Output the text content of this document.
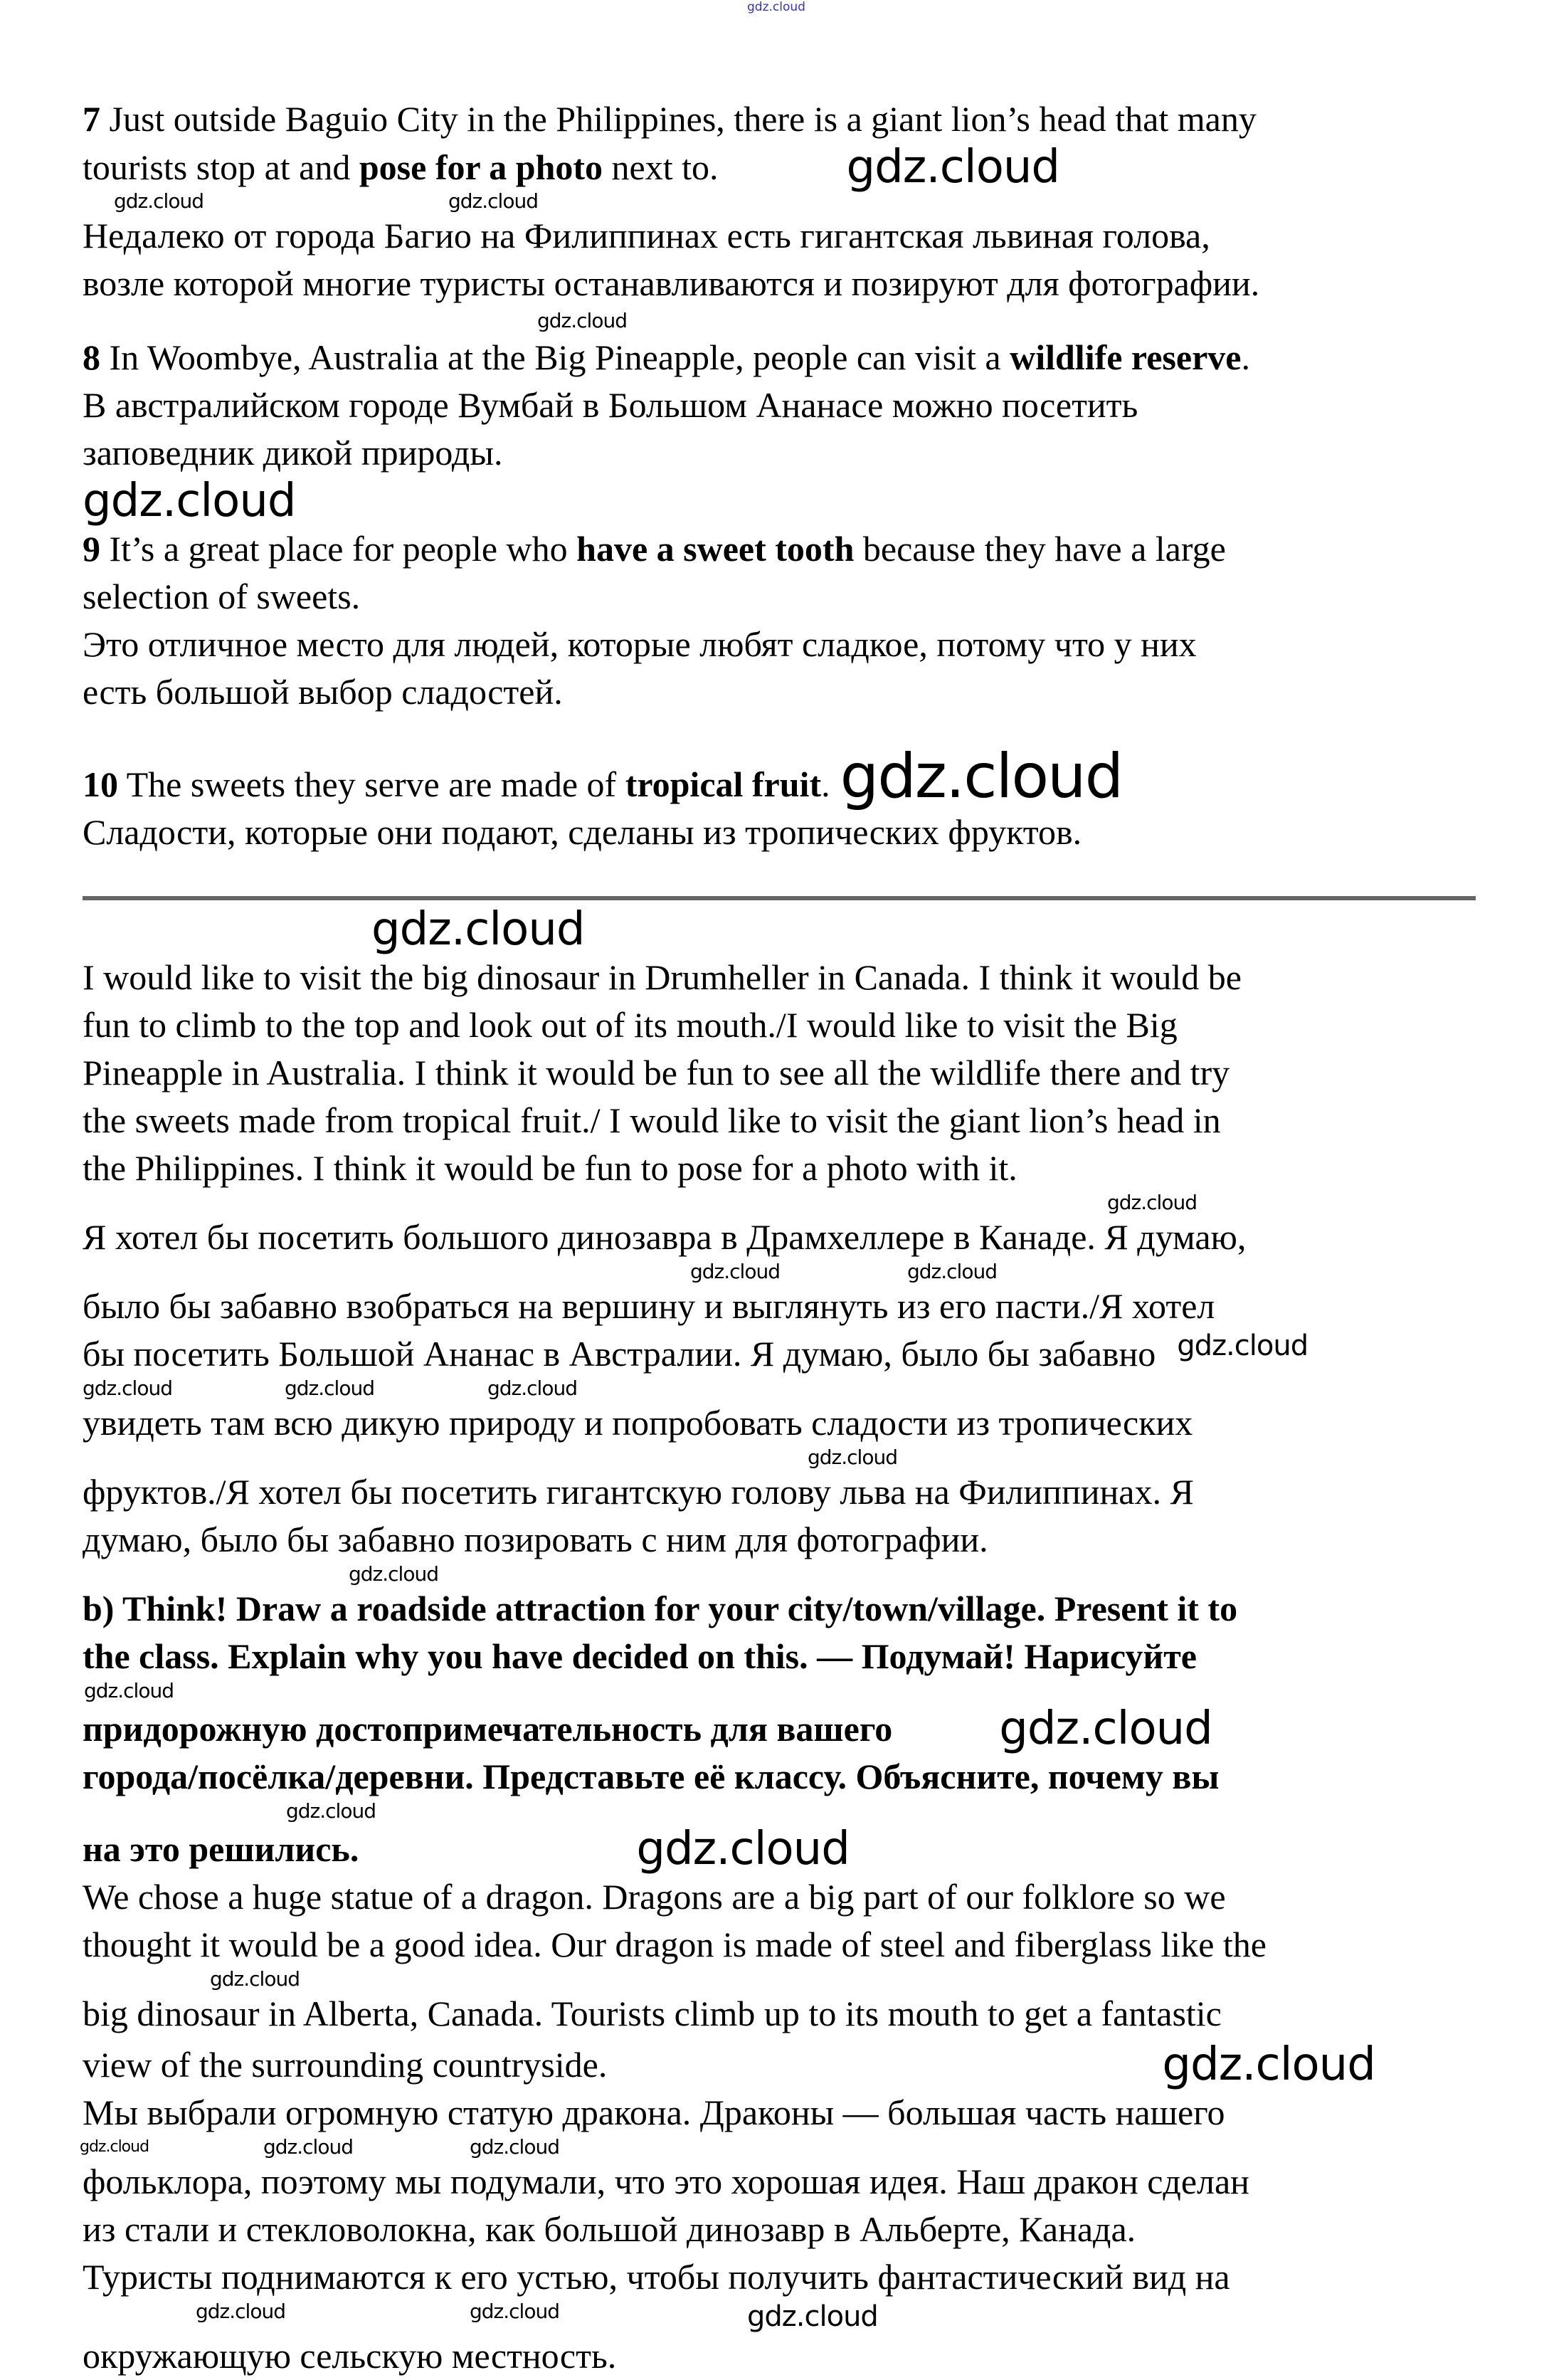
gdz.cloud
7 Just outside Baguio City in the Philippines, there is a giant lion’s head that many
tourists stop at and pose for a photo next to.	gdz.cloud
gdz.cloud	gdz.cloud
Недалеко от города Багио на Филиппинах есть гигантская львиная голова,
возле которой многие туристы останавливаются и позируют для фотографии.
gdz.cloud
8 In Woombye, Australia at the Big Pineapple, people can visit a wildlife reserve.
В австралийском городе Вумбай в Большом Ананасе можно посетить
заповедник дикой природы.
gdz.cloud
9 It’s a great place for people who have a sweet tooth because they have a large
selection of sweets.
Это отличное место для людей, которые любят сладкое, потому что у них
есть большой выбор сладостей.
10 The sweets they serve are made of tropical fruit. gdz.cloud
Сладости, которые они подают, сделаны из тропических фруктов.
gdz.cloud
I would like to visit the big dinosaur in Drumheller in Canada. I think it would be
fun to climb to the top and look out of its mouth./I would like to visit the Big
Pineapple in Australia. I think it would be fun to see all the wildlife there and try
the sweets made from tropical fruit./ I would like to visit the giant lion’s head in
the Philippines. I think it would be fun to pose for a photo with it.
gdz.cloud
Я хотел бы посетить большого динозавра в Драмхеллере в Канаде. Я думаю,
gdz.cloud	gdz.cloud
было бы забавно взобраться на вершину и выглянуть из его пасти./Я хотел
бы посетить Большой Ананас в Австралии. Я думаю, было бы забавно gdz.cloud
gdz.cloud	gdz.cloud	gdz.cloud
увидеть там всю дикую природу и попробовать сладости из тропических
gdz.cloud
фруктов./Я хотел бы посетить гигантскую голову льва на Филиппинах. Я
думаю, было бы забавно позировать с ним для фотографии.
gdz.cloud
b) Think! Draw a roadside attraction for your city/town/village. Present it to
the class. Explain why you have decided on this. — Подумай! Нарисуйте
gdz.cloud
придорожную достопримечательность для вашего gdz.cloud
города/посёлка/деревни. Представьте её классу. Объясните, почему вы
gdz.cloud
на это решились.	gdz.cloud
We chose a huge statue of a dragon. Dragons are a big part of our folklore so we
thought it would be a good idea. Our dragon is made of steel and fiberglass like the
gdz.cloud
big dinosaur in Alberta, Canada. Tourists climb up to its mouth to get a fantastic
view of the surrounding countryside.	gdz.cloud
Мы выбрали огромную статую дракона. Драконы — большая часть нашего
gdz.cloud	gdz.cloud	gdz.cloud
фольклора, поэтому мы подумали, что это хорошая идея. Наш дракон сделан
из стали и стекловолокна, как большой динозавр в Альберте, Канада.
Туристы поднимаются к его устью, чтобы получить фантастический вид на
gdz.cloud	gdz.cloud	gdz.cloud
окружающую сельскую местность.
